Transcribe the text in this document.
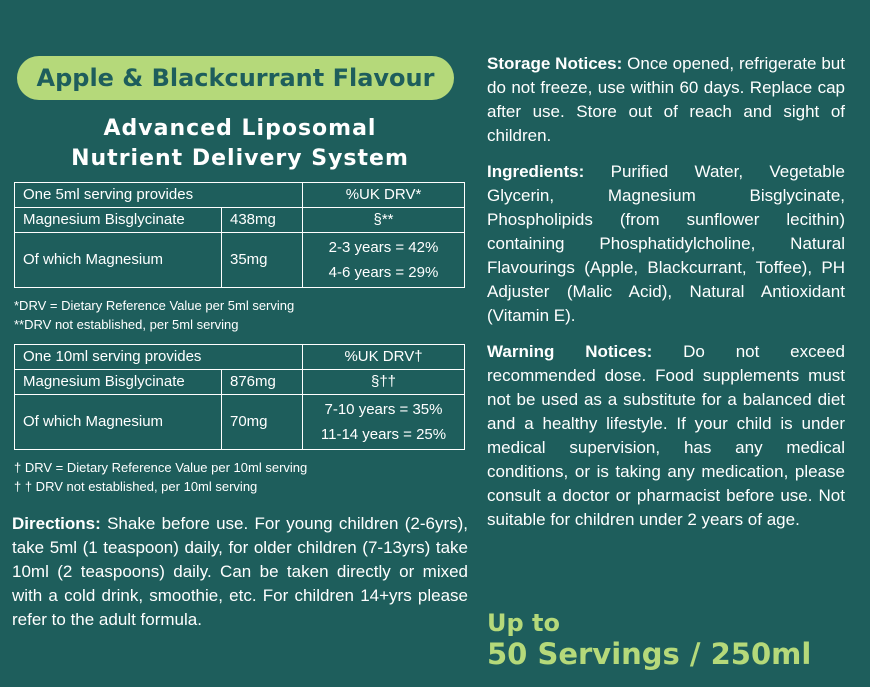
Apple & Blackcurrant Flavour
Advanced Liposomal
Nutrient Delivery System
One 5ml serving provides		%UK DRV*
Magnesium Bisglycinate	438mg	§**
Of which Magnesium	35mg	2-3 years = 42%
4-6 years = 29%
*DRV = Dietary Reference Value per 5ml serving
**DRV not established, per 5ml serving
One 10ml serving provides		%UK DRV†
Magnesium Bisglycinate	876mg	§††
Of which Magnesium	70mg	7-10 years = 35%
11-14 years = 25%
† DRV = Dietary Reference Value per 10ml serving
† † DRV not established, per 10ml serving
Directions: Shake before use. For young children (2-6yrs), take 5ml (1 teaspoon) daily, for older children (7-13yrs) take 10ml (2 teaspoons) daily. Can be taken directly or mixed with a cold drink, smoothie, etc. For children 14+yrs please refer to the adult formula.
Storage Notices: Once opened, refrigerate but do not freeze, use within 60 days. Replace cap after use. Store out of reach and sight of children.
Ingredients: Purified Water, Vegetable Glycerin, Magnesium Bisglycinate, Phospholipids (from sunflower lecithin) containing Phosphatidylcholine, Natural Flavourings (Apple, Blackcurrant, Toffee), PH Adjuster (Malic Acid), Natural Antioxidant (Vitamin E).
Warning Notices: Do not exceed recommended dose. Food supplements must not be used as a substitute for a balanced diet and a healthy lifestyle. If your child is under medical supervision, has any medical conditions, or is taking any medication, please consult a doctor or pharmacist before use. Not suitable for children under 2 years of age.
Up to
50 Servings / 250ml
